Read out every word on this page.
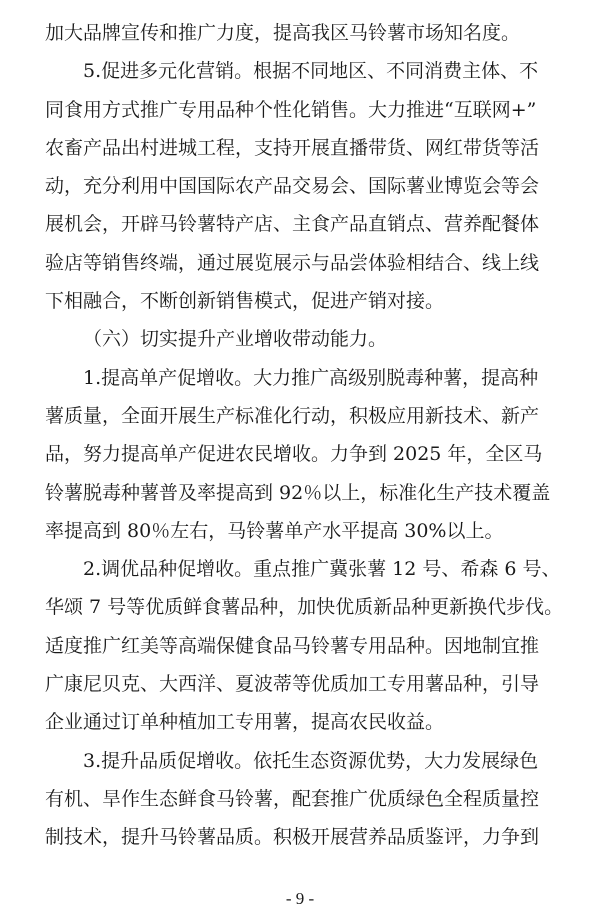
加大品牌宣传和推广力度，提高我区马铃薯市场知名度。
5.促进多元化营销。根据不同地区、不同消费主体、不
同食用方式推广专用品种个性化销售。大力推进“互联网+”
农畜产品出村进城工程，支持开展直播带货、网红带货等活
动，充分利用中国国际农产品交易会、国际薯业博览会等会
展机会，开辟马铃薯特产店、主食产品直销点、营养配餐体
验店等销售终端，通过展览展示与品尝体验相结合、线上线
下相融合，不断创新销售模式，促进产销对接。
（六）切实提升产业增收带动能力。
1.提高单产促增收。大力推广高级别脱毒种薯，提高种
薯质量，全面开展生产标准化行动，积极应用新技术、新产
品，努力提高单产促进农民增收。力争到 2025 年，全区马
铃薯脱毒种薯普及率提高到 92％以上，标准化生产技术覆盖
率提高到 80％左右，马铃薯单产水平提高 30%以上。
2.调优品种促增收。重点推广冀张薯 12 号、希森 6 号、
华颂 7 号等优质鲜食薯品种，加快优质新品种更新换代步伐。
适度推广红美等高端保健食品马铃薯专用品种。因地制宜推
广康尼贝克、大西洋、夏波蒂等优质加工专用薯品种，引导
企业通过订单种植加工专用薯，提高农民收益。
3.提升品质促增收。依托生态资源优势，大力发展绿色
有机、旱作生态鲜食马铃薯，配套推广优质绿色全程质量控
制技术，提升马铃薯品质。积极开展营养品质鉴评，力争到
- 9 -
